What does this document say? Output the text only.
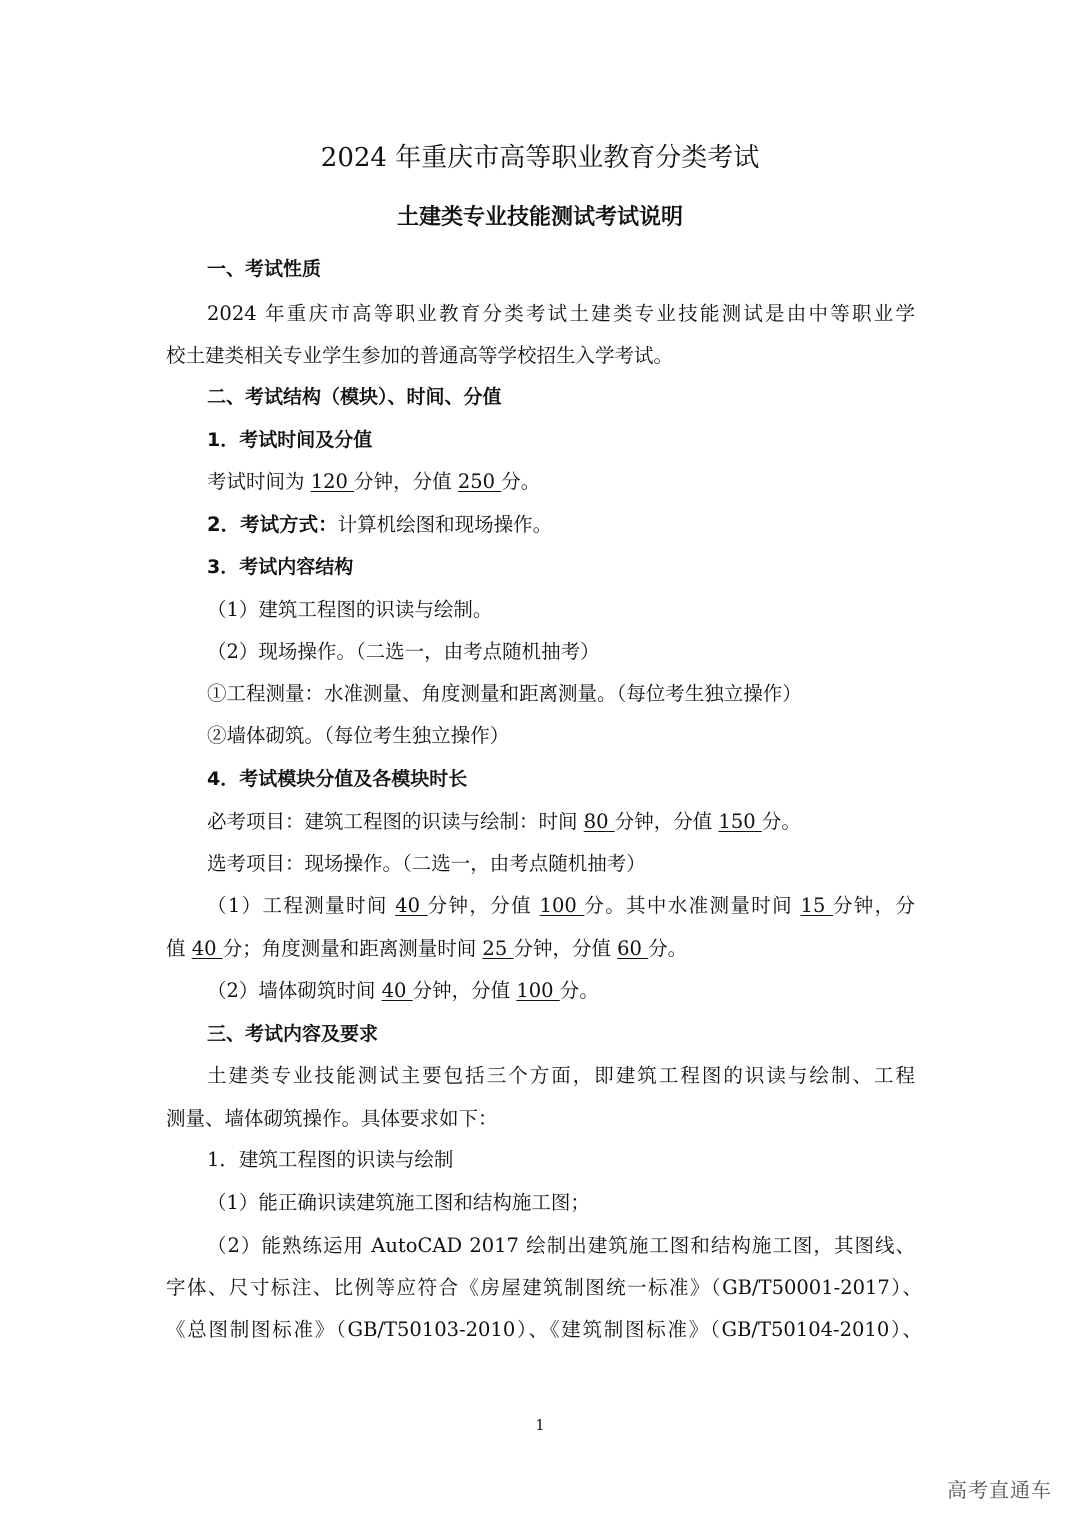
2024 年重庆市高等职业教育分类考试
土建类专业技能测试考试说明
一、考试性质
2024 年重庆市高等职业教育分类考试土建类专业技能测试是由中等职业学
校土建类相关专业学生参加的普通高等学校招生入学考试。
二、考试结构（模块）、时间、分值
1．考试时间及分值
考试时间为 120 分钟，分值 250 分。
2．考试方式：计算机绘图和现场操作。
3．考试内容结构
（1）建筑工程图的识读与绘制。
（2）现场操作。（二选一，由考点随机抽考）
①工程测量：水准测量、角度测量和距离测量。（每位考生独立操作）
②墙体砌筑。（每位考生独立操作）
4．考试模块分值及各模块时长
必考项目：建筑工程图的识读与绘制：时间 80 分钟，分值 150 分。
选考项目：现场操作。（二选一，由考点随机抽考）
（1）工程测量时间 40 分钟，分值 100 分。其中水准测量时间 15 分钟，分
值 40 分；角度测量和距离测量时间 25 分钟，分值 60 分。
（2）墙体砌筑时间 40 分钟，分值 100 分。
三、考试内容及要求
土建类专业技能测试主要包括三个方面，即建筑工程图的识读与绘制、工程
测量、墙体砌筑操作。具体要求如下：
1．建筑工程图的识读与绘制
（1）能正确识读建筑施工图和结构施工图；
（2）能熟练运用 AutoCAD 2017 绘制出建筑施工图和结构施工图，其图线、
字体、尺寸标注、比例等应符合《房屋建筑制图统一标准》（GB/T50001-2017）、
《总图制图标准》（GB/T50103-2010）、《建筑制图标准》（GB/T50104-2010）、
1
高考直通车
